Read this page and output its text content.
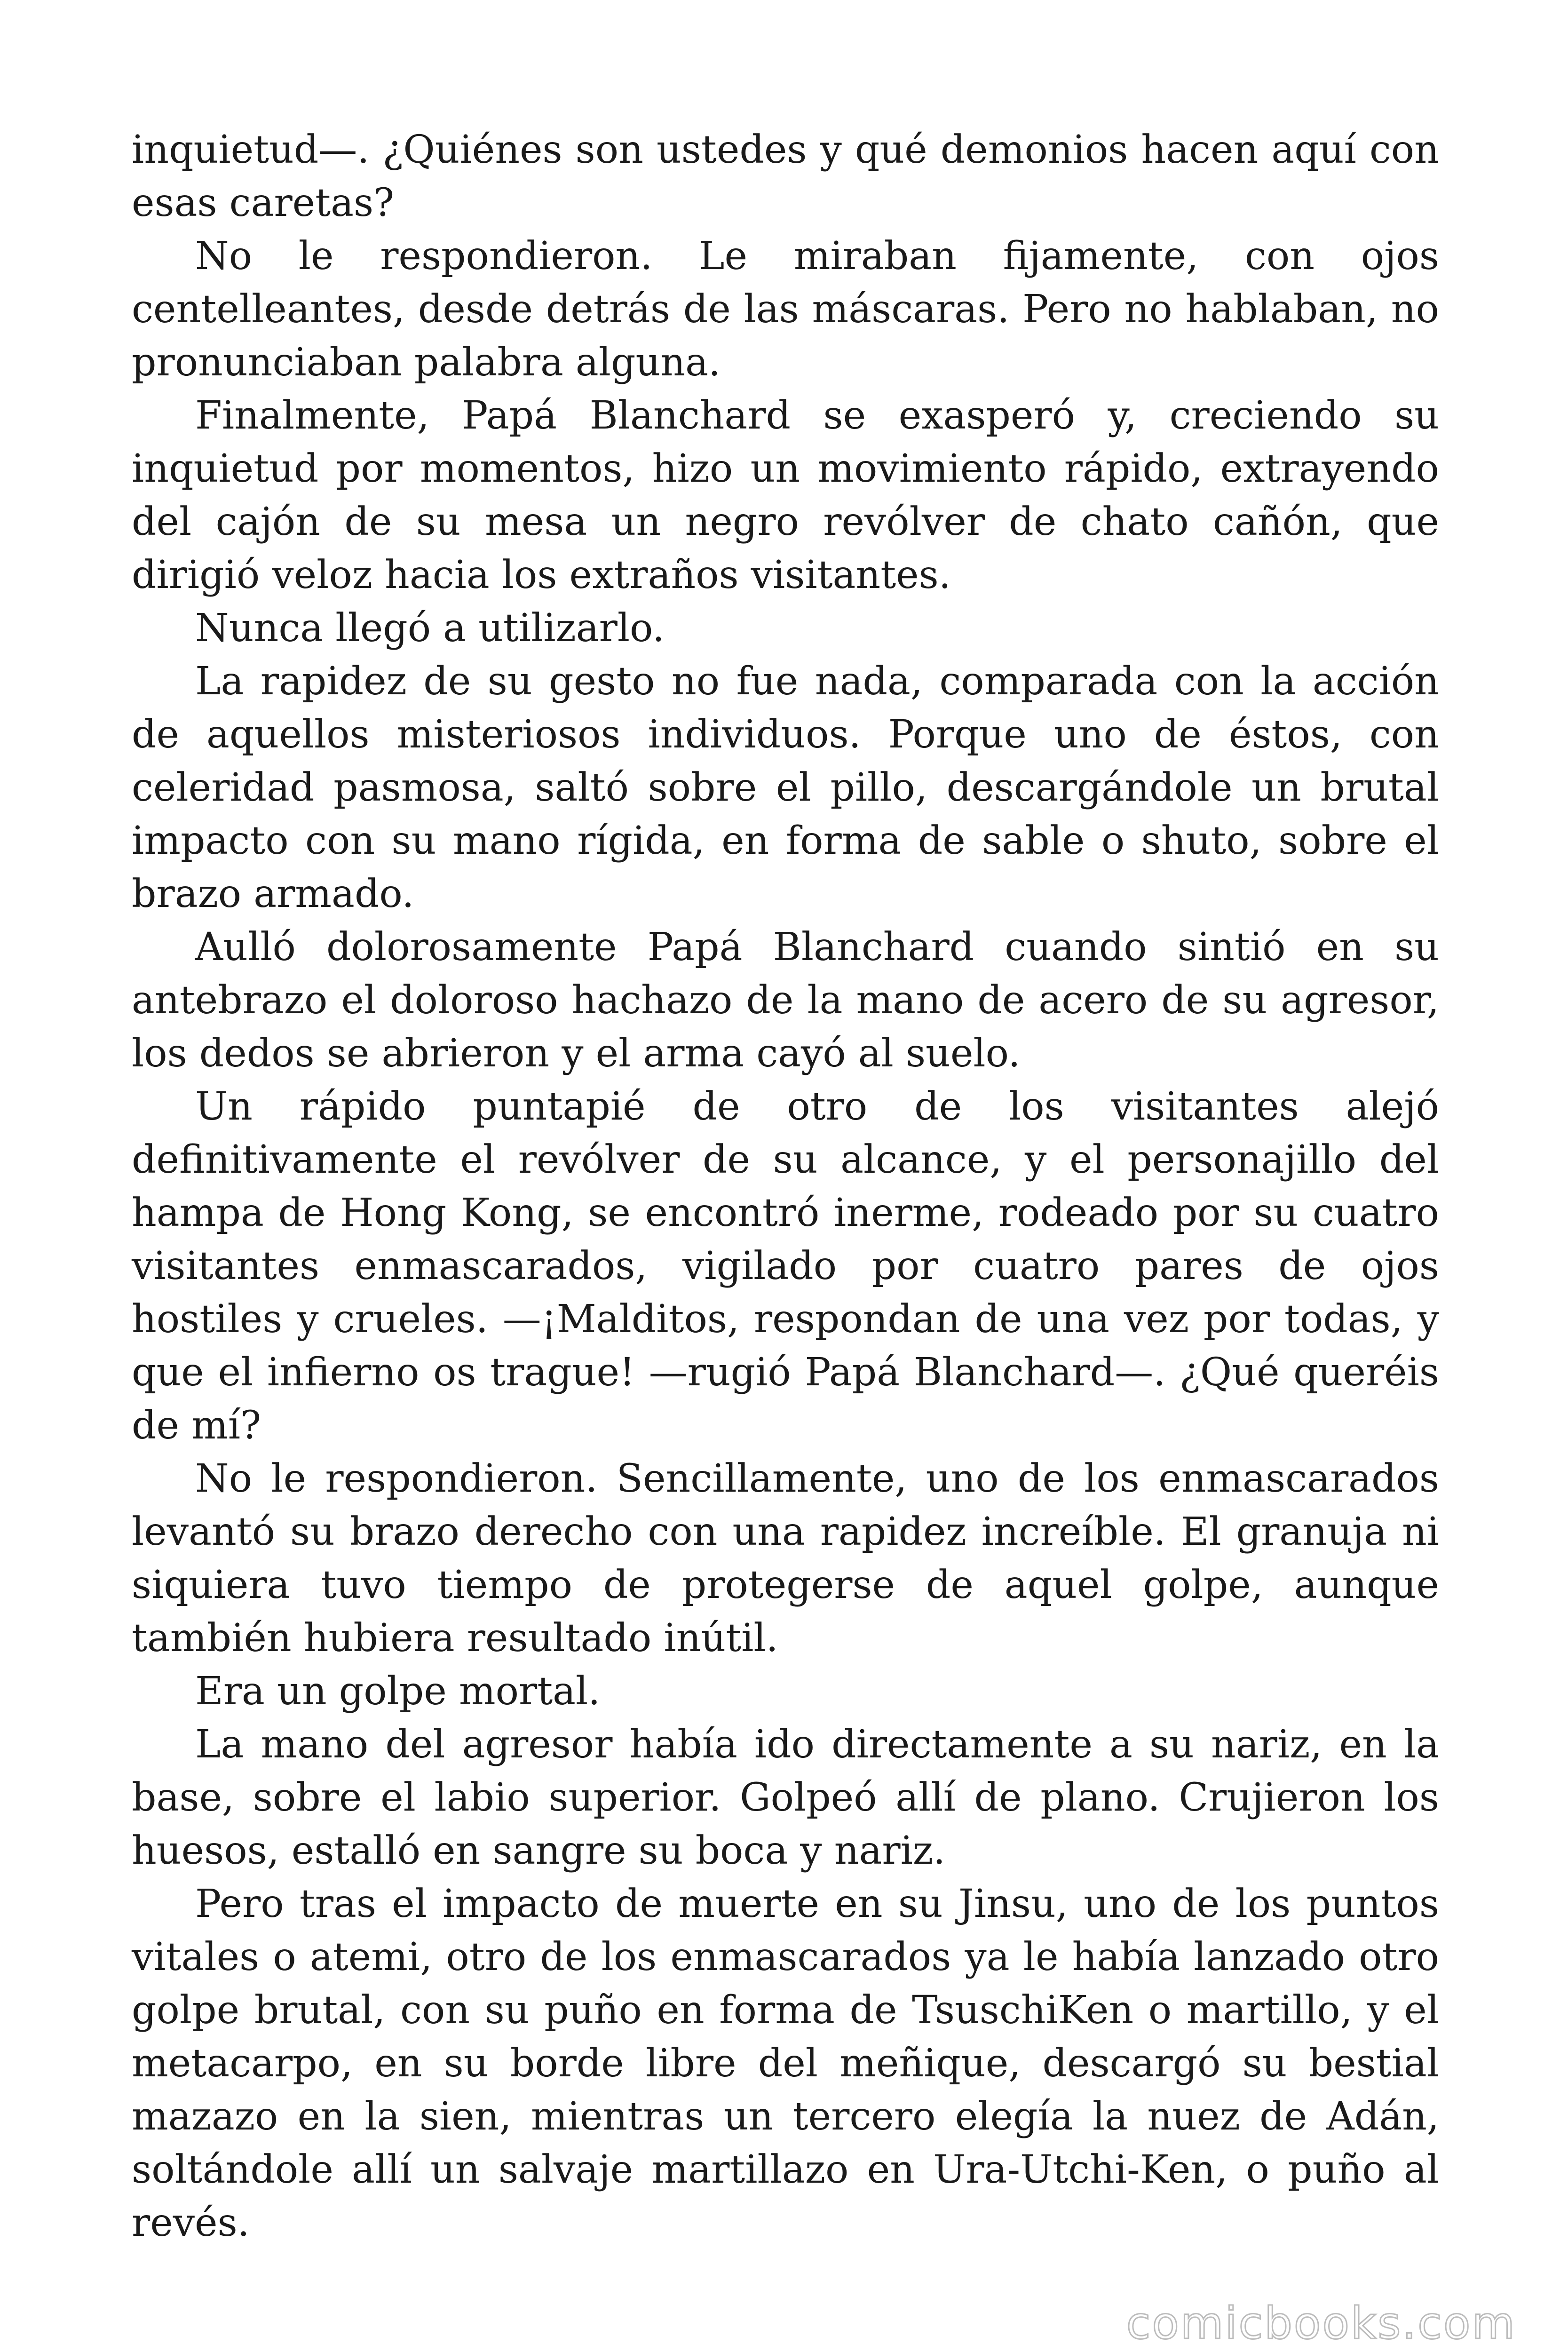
inquietud—. ¿Quiénes son ustedes y qué demonios hacen aquí con esas caretas?

No le respondieron. Le miraban fijamente, con ojos centelleantes, desde detrás de las máscaras. Pero no hablaban, no pronunciaban palabra alguna.

Finalmente, Papá Blanchard se exasperó y, creciendo su inquietud por momentos, hizo un movimiento rápido, extrayendo del cajón de su mesa un negro revólver de chato cañón, que dirigió veloz hacia los extraños visitantes.

Nunca llegó a utilizarlo.

La rapidez de su gesto no fue nada, comparada con la acción de aquellos misteriosos individuos. Porque uno de éstos, con celeridad pasmosa, saltó sobre el pillo, descargándole un brutal impacto con su mano rígida, en forma de sable o shuto, sobre el brazo armado.

Aulló dolorosamente Papá Blanchard cuando sintió en su antebrazo el doloroso hachazo de la mano de acero de su agresor, los dedos se abrieron y el arma cayó al suelo.

Un rápido puntapié de otro de los visitantes alejó definitivamente el revólver de su alcance, y el personajillo del hampa de Hong Kong, se encontró inerme, rodeado por su cuatro visitantes enmascarados, vigilado por cuatro pares de ojos hostiles y crueles. —¡Malditos, respondan de una vez por todas, y que el infierno os trague! —rugió Papá Blanchard—. ¿Qué queréis de mí?

No le respondieron. Sencillamente, uno de los enmascarados levantó su brazo derecho con una rapidez increíble. El granuja ni siquiera tuvo tiempo de protegerse de aquel golpe, aunque también hubiera resultado inútil.

Era un golpe mortal.

La mano del agresor había ido directamente a su nariz, en la base, sobre el labio superior. Golpeó allí de plano. Crujieron los huesos, estalló en sangre su boca y nariz.

Pero tras el impacto de muerte en su Jinsu, uno de los puntos vitales o atemi, otro de los enmascarados ya le había lanzado otro golpe brutal, con su puño en forma de TsuschiKen o martillo, y el metacarpo, en su borde libre del meñique, descargó su bestial mazazo en la sien, mientras un tercero elegía la nuez de Adán, soltándole allí un salvaje martillazo en Ura-Utchi-Ken, o puño al revés.

comicbooks.com
